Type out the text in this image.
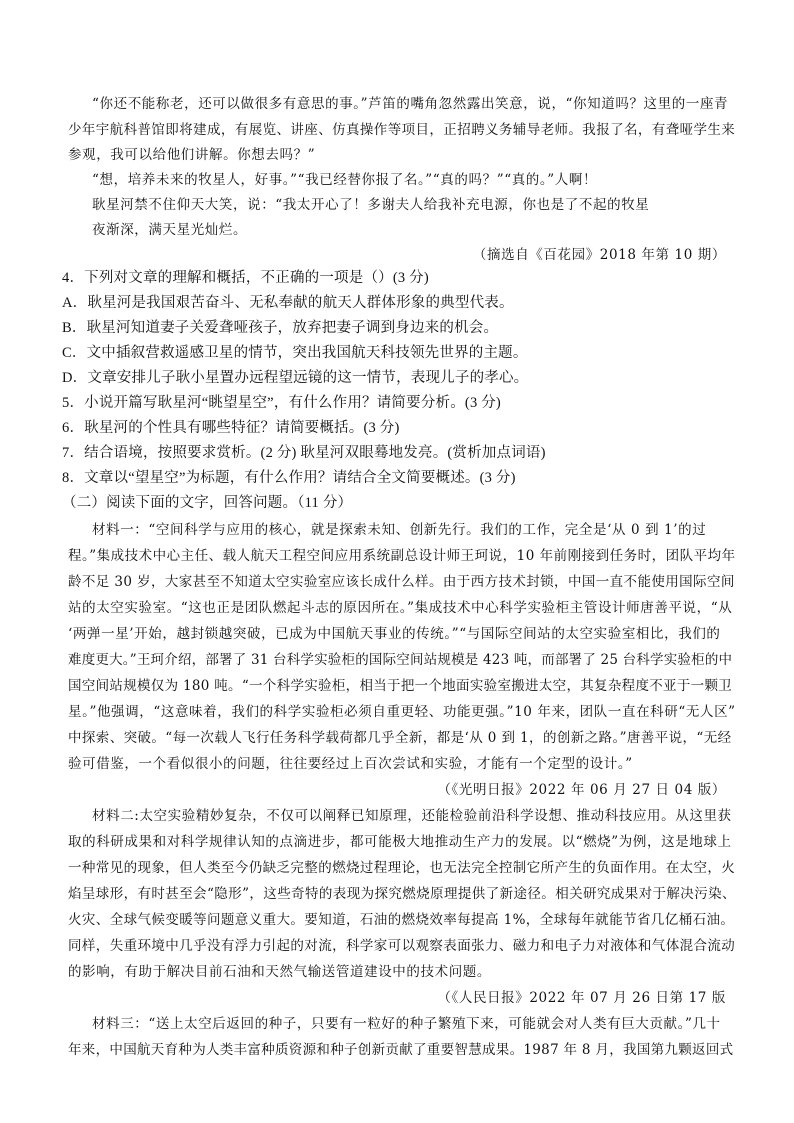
“你还不能称老，还可以做很多有意思的事。”芦笛的嘴角忽然露出笑意，说，“你知道吗？这里的一座青
少年宇航科普馆即将建成，有展览、讲座、仿真操作等项目，正招聘义务辅导老师。我报了名，有聋哑学生来
参观，我可以给他们讲解。你想去吗？”
“想，培养未来的牧星人，好事。”“我已经替你报了名。”“真的吗？”“真的。”人啊！
耿星河禁不住仰天大笑，说：“我太开心了！多谢夫人给我补充电源，你也是了不起的牧星
夜渐深，满天星光灿烂。
（摘选自《百花园》2018 年第 10 期）
4．下列对文章的理解和概括，不正确的一项是（）(3 分)
A．耿星河是我国艰苦奋斗、无私奉献的航天人群体形象的典型代表。
B．耿星河知道妻子关爱聋哑孩子，放弃把妻子调到身边来的机会。
C．文中插叙营救遥感卫星的情节，突出我国航天科技领先世界的主题。
D．文章安排儿子耿小星置办远程望远镜的这一情节，表现儿子的孝心。
5．小说开篇写耿星河“眺望星空”，有什么作用？请简要分析。(3 分)
6．耿星河的个性具有哪些特征？请简要概括。(3 分)
7．结合语境，按照要求赏析。(2 分) 耿星河双眼蓦地发亮。(赏析加点词语)
8．文章以“望星空”为标题，有什么作用？请结合全文简要概述。(3 分)
（二）阅读下面的文字，回答问题。（11 分）
材料一：“空间科学与应用的核心，就是探索未知、创新先行。我们的工作，完全是‘从 0 到 1’的过
程。”集成技术中心主任、载人航天工程空间应用系统副总设计师王珂说，10 年前刚接到任务时，团队平均年
龄不足 30 岁，大家甚至不知道太空实验室应该长成什么样。由于西方技术封锁，中国一直不能使用国际空间
站的太空实验室。“这也正是团队燃起斗志的原因所在。”集成技术中心科学实验柜主管设计师唐善平说，“从
‘两弹一星’开始，越封锁越突破，已成为中国航天事业的传统。”“与国际空间站的太空实验室相比，我们的
难度更大。”王珂介绍，部署了 31 台科学实验柜的国际空间站规模是 423 吨，而部署了 25 台科学实验柜的中
国空间站规模仅为 180 吨。“一个科学实验柜，相当于把一个地面实验室搬进太空，其复杂程度不亚于一颗卫
星。”他强调，“这意味着，我们的科学实验柜必须自重更轻、功能更强。”10 年来，团队一直在科研“无人区”
中探索、突破。“每一次载人飞行任务科学载荷都几乎全新，都是‘从 0 到 1，的创新之路。”唐善平说，“无经
验可借鉴，一个看似很小的问题，往往要经过上百次尝试和实验，才能有一个定型的设计。”
（《光明日报》2022 年 06 月 27 日 04 版）
材料二:太空实验精妙复杂，不仅可以阐释已知原理，还能检验前沿科学设想、推动科技应用。从这里获
取的科研成果和对科学规律认知的点滴进步，都可能极大地推动生产力的发展。以“燃烧”为例，这是地球上
一种常见的现象，但人类至今仍缺乏完整的燃烧过程理论，也无法完全控制它所产生的负面作用。在太空，火
焰呈球形，有时甚至会“隐形”，这些奇特的表现为探究燃烧原理提供了新途径。相关研究成果对于解决污染、
火灾、全球气候变暖等问题意义重大。要知道，石油的燃烧效率每提高 1%，全球每年就能节省几亿桶石油。
同样，失重环境中几乎没有浮力引起的对流，科学家可以观察表面张力、磁力和电子力对液体和气体混合流动
的影响，有助于解决目前石油和天然气输送管道建设中的技术问题。
（《人民日报》2022 年 07 月 26 日第 17 版
材料三：“送上太空后返回的种子，只要有一粒好的种子繁殖下来，可能就会对人类有巨大贡献。”几十
年来，中国航天育种为人类丰富种质资源和种子创新贡献了重要智慧成果。1987 年 8 月，我国第九颗返回式
